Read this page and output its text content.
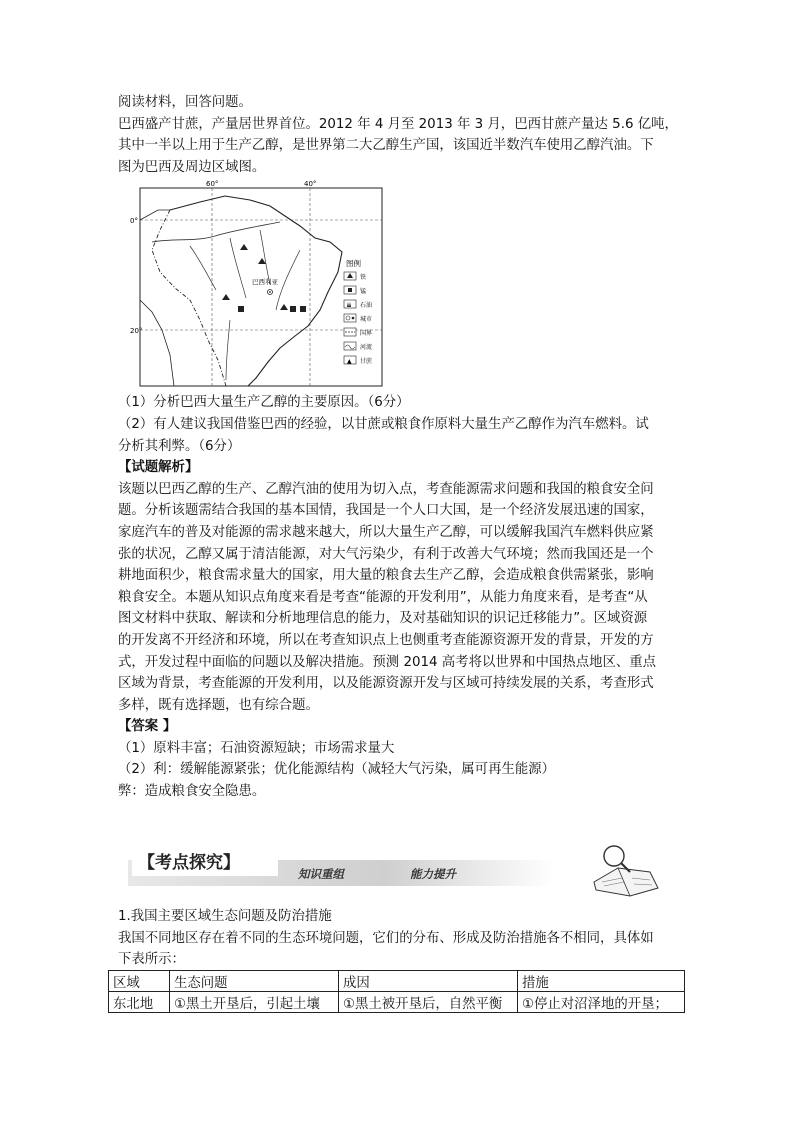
阅读材料，回答问题。

巴西盛产甘蔗，产量居世界首位。2012 年 4 月至 2013 年 3 月，巴西甘蔗产量达 5.6 亿吨，

其中一半以上用于生产乙醇，是世界第二大乙醇生产国，该国近半数汽车使用乙醇汽油。下

图为巴西及周边区域图。

巴西利亚
60°	40°
0°
20°
图例
铁
锰
石油
城市
国界
河流
▲ 甘蔗

（1）分析巴西大量生产乙醇的主要原因。（6分）

（2）有人建议我国借鉴巴西的经验，以甘蔗或粮食作原料大量生产乙醇作为汽车燃料。试

分析其利弊。（6分）

【试题解析】

该题以巴西乙醇的生产、乙醇汽油的使用为切入点，考查能源需求问题和我国的粮食安全问

题。分析该题需结合我国的基本国情，我国是一个人口大国，是一个经济发展迅速的国家，

家庭汽车的普及对能源的需求越来越大，所以大量生产乙醇，可以缓解我国汽车燃料供应紧

张的状况，乙醇又属于清洁能源，对大气污染少，有利于改善大气环境；然而我国还是一个

耕地面积少，粮食需求量大的国家，用大量的粮食去生产乙醇，会造成粮食供需紧张，影响

粮食安全。本题从知识点角度来看是考查“能源的开发利用”，从能力角度来看，是考查“从

图文材料中获取、解读和分析地理信息的能力，及对基础知识的识记迁移能力”。区域资源

的开发离不开经济和环境，所以在考查知识点上也侧重考查能源资源开发的背景，开发的方

式，开发过程中面临的问题以及解决措施。预测 2014 高考将以世界和中国热点地区、重点

区域为背景，考查能源的开发利用，以及能源资源开发与区域可持续发展的关系，考查形式

多样，既有选择题，也有综合题。

【答案 】

（1）原料丰富；石油资源短缺；市场需求量大

（2）利：缓解能源紧张；优化能源结构（减轻大气污染，属可再生能源）

弊：造成粮食安全隐患。

【考点探究】
知识重组	能力提升

1.我国主要区域生态问题及防治措施

我国不同地区存在着不同的生态环境问题，它们的分布、形成及防治措施各不相同，具体如

下表所示：

区域	生态问题	成因	措施
东北地	①黑土开垦后，引起土壤	①黑土被开垦后，自然平衡	①停止对沼泽地的开垦；
